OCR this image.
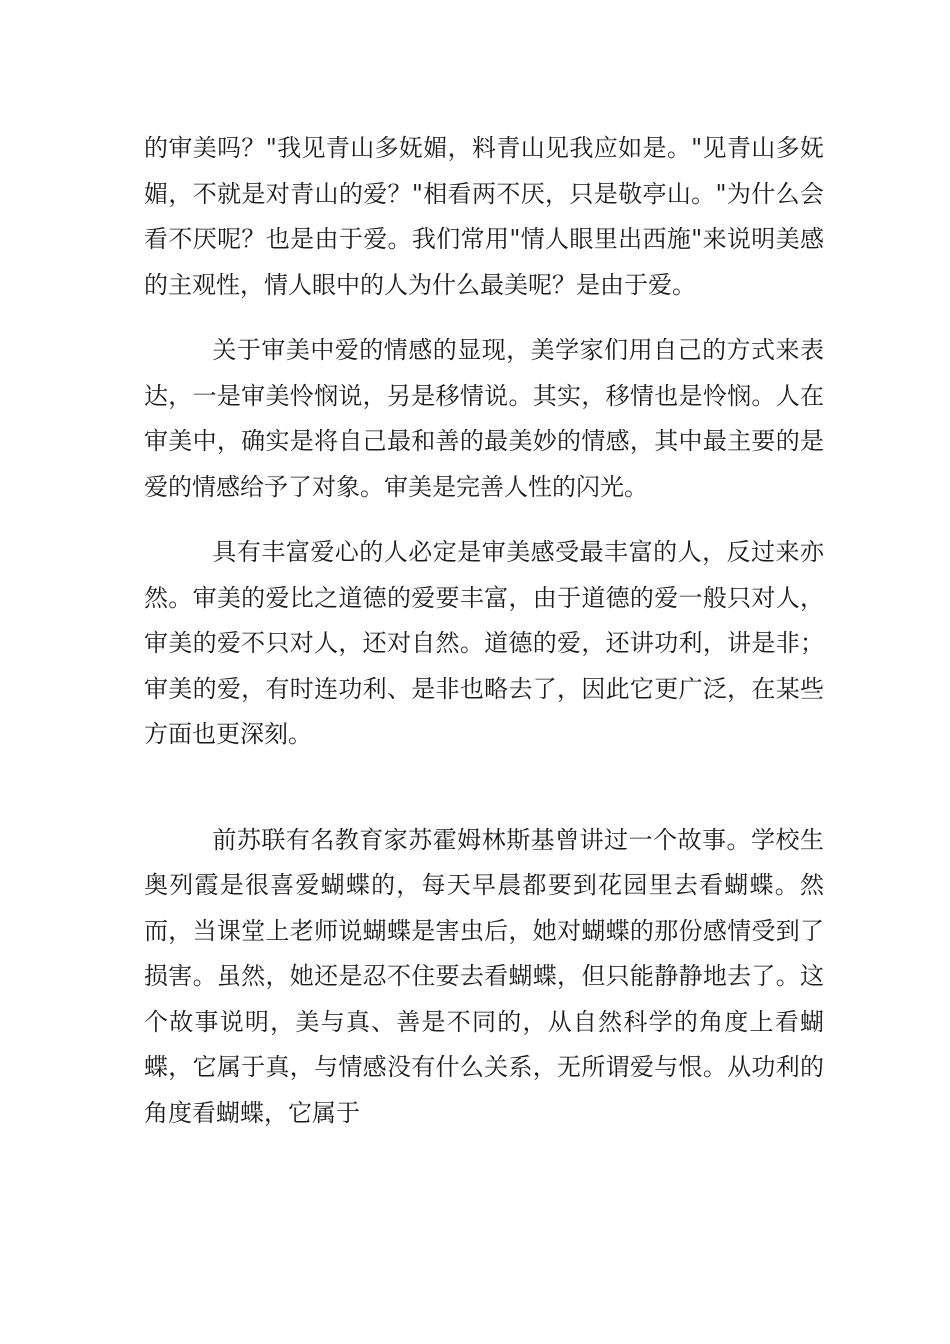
的审美吗？"我见青山多妩媚，料青山见我应如是。"见青山多妩媚，不就是对青山的爱？"相看两不厌，只是敬亭山。"为什么会看不厌呢？也是由于爱。我们常用"情人眼里出西施"来说明美感的主观性，情人眼中的人为什么最美呢？是由于爱。

关于审美中爱的情感的显现，美学家们用自己的方式来表达，一是审美怜悯说，另是移情说。其实，移情也是怜悯。人在审美中，确实是将自己最和善的最美妙的情感，其中最主要的是爱的情感给予了对象。审美是完善人性的闪光。

具有丰富爱心的人必定是审美感受最丰富的人，反过来亦然。审美的爱比之道德的爱要丰富，由于道德的爱一般只对人，审美的爱不只对人，还对自然。道德的爱，还讲功利，讲是非；审美的爱，有时连功利、是非也略去了，因此它更广泛，在某些方面也更深刻。

前苏联有名教育家苏霍姆林斯基曾讲过一个故事。学校生奥列霞是很喜爱蝴蝶的，每天早晨都要到花园里去看蝴蝶。然而，当课堂上老师说蝴蝶是害虫后，她对蝴蝶的那份感情受到了损害。虽然，她还是忍不住要去看蝴蝶，但只能静静地去了。这个故事说明，美与真、善是不同的，从自然科学的角度上看蝴蝶，它属于真，与情感没有什么关系，无所谓爱与恨。从功利的角度看蝴蝶，它属于
